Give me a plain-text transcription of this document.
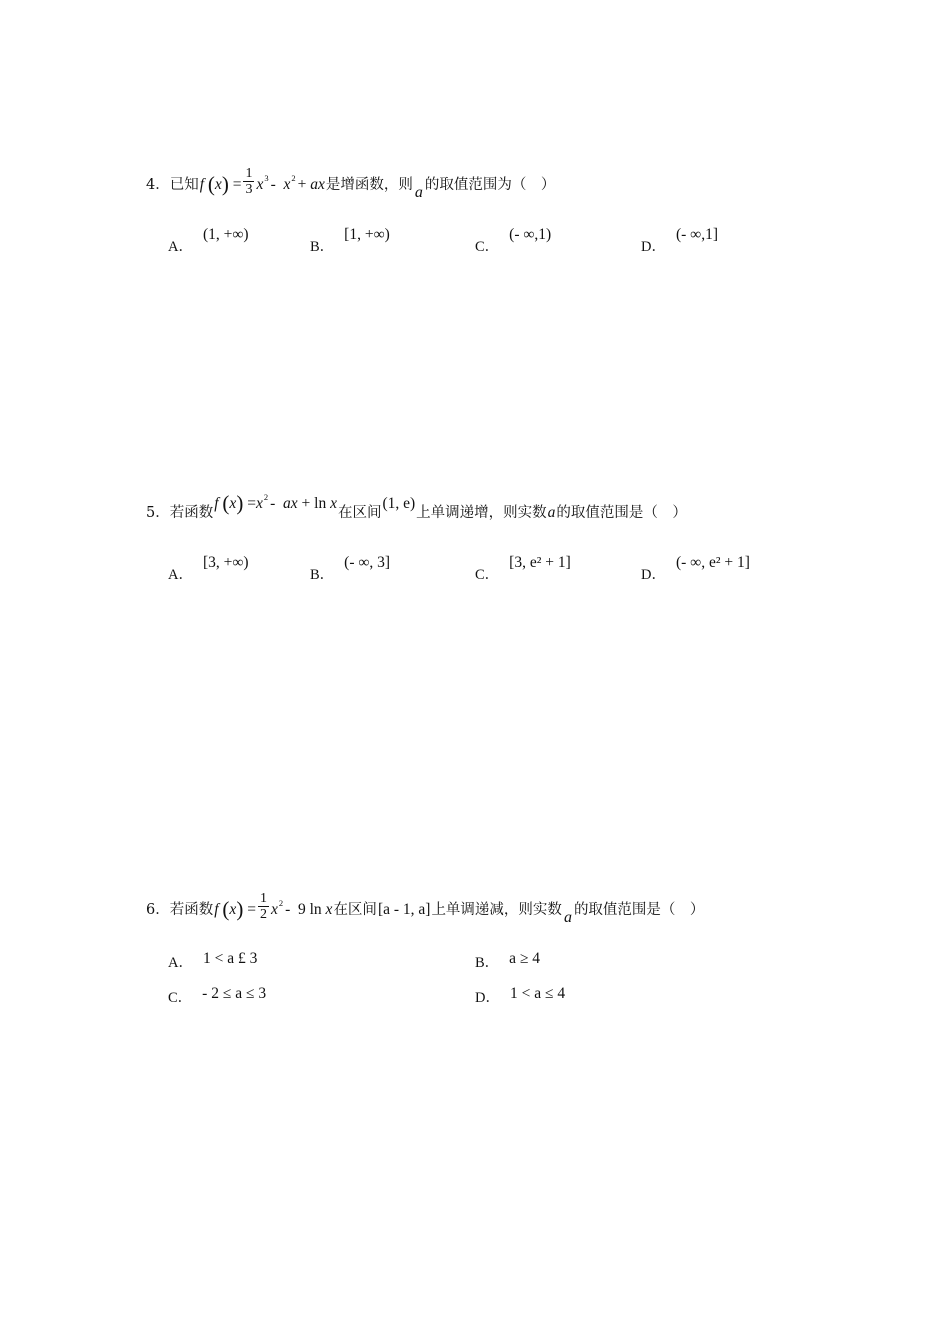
4． 已知 f
( x ) = $\frac{1}{3}$ x 3 - x 2 + ax 是增函数，则 a 的取值范围为（　）
A．
(1, +∞)
B．
[1, +∞)
C．
(- ∞,1)
D．
(- ∞,1]
5． 若函数
f
( x ) = x 2 - ax + ln x
在区间
(1, e)
上单调递增，则实数 a 的取值范围是（　）
A．
[3, +∞)
B．
(- ∞, 3]
C．
[3, e² + 1]
D．
(- ∞, e² + 1]
6． 若函数 f
( x ) = $\frac{1}{2}$ x 2 -  9 ln x 在区间 [a - 1, a] 上单调递减，则实数 a 的取值范围是（　）
A． 1 < a £ 3	B． a ≥ 4
C． - 2 ≤ a ≤ 3	D． 1 < a ≤ 4
